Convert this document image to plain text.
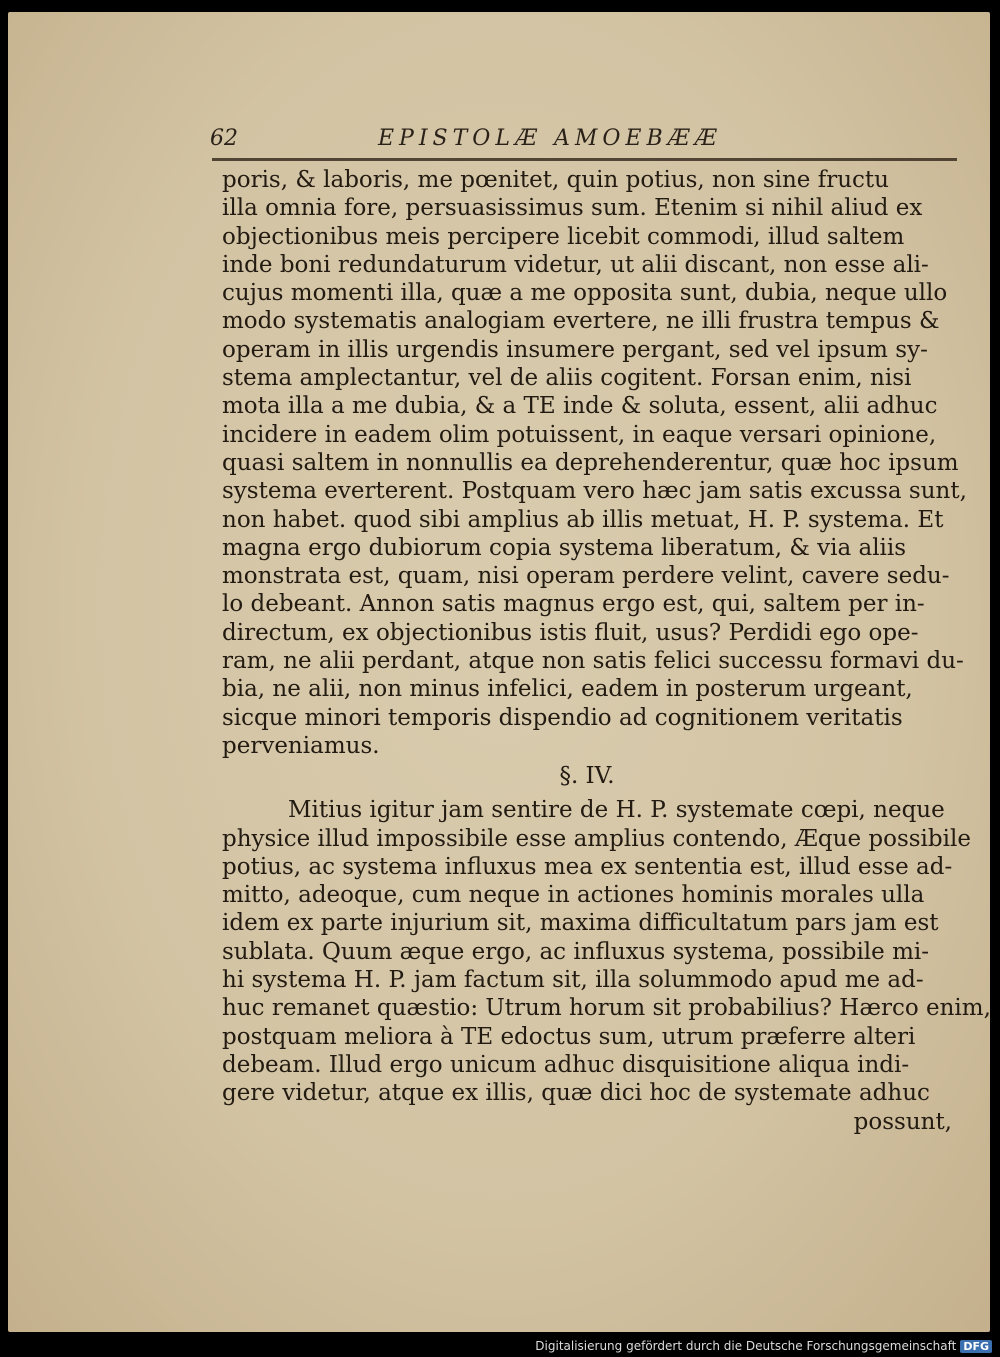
62	EPISTOLÆ AMOEBÆÆ
poris, & laboris, me pœnitet, quin potius, non sine fructu
illa omnia fore, persuasissimus sum. Etenim si nihil aliud ex
objectionibus meis percipere licebit commodi, illud saltem
inde boni redundaturum videtur, ut alii discant, non esse ali-
cujus momenti illa, quæ a me opposita sunt, dubia, neque ullo
modo systematis analogiam evertere, ne illi frustra tempus &
operam in illis urgendis insumere pergant, sed vel ipsum sy-
stema amplectantur, vel de aliis cogitent. Forsan enim, nisi
mota illa a me dubia, & a TE inde & soluta, essent, alii adhuc
incidere in eadem olim potuissent, in eaque versari opinione,
quasi saltem in nonnullis ea deprehenderentur, quæ hoc ipsum
systema everterent. Postquam vero hæc jam satis excussa sunt,
non habet. quod sibi amplius ab illis metuat, H. P. systema. Et
magna ergo dubiorum copia systema liberatum, & via aliis
monstrata est, quam, nisi operam perdere velint, cavere sedu-
lo debeant. Annon satis magnus ergo est, qui, saltem per in-
directum, ex objectionibus istis fluit, usus? Perdidi ego ope-
ram, ne alii perdant, atque non satis felici successu formavi du-
bia, ne alii, non minus infelici, eadem in posterum urgeant,
sicque minori temporis dispendio ad cognitionem veritatis
perveniamus.
§. IV.
Mitius igitur jam sentire de H. P. systemate cœpi, neque
physice illud impossibile esse amplius contendo, Æque possibile
potius, ac systema influxus mea ex sententia est, illud esse ad-
mitto, adeoque, cum neque in actiones hominis morales ulla
idem ex parte injurium sit, maxima difficultatum pars jam est
sublata. Quum æque ergo, ac influxus systema, possibile mi-
hi systema H. P. jam factum sit, illa solummodo apud me ad-
huc remanet quæstio: Utrum horum sit probabilius? Hærco enim,
postquam meliora à TE edoctus sum, utrum præferre alteri
debeam. Illud ergo unicum adhuc disquisitione aliqua indi-
gere videtur, atque ex illis, quæ dici hoc de systemate adhuc
possunt,
Digitalisierung gefördert durch die Deutsche Forschungsgemeinschaft DFG
